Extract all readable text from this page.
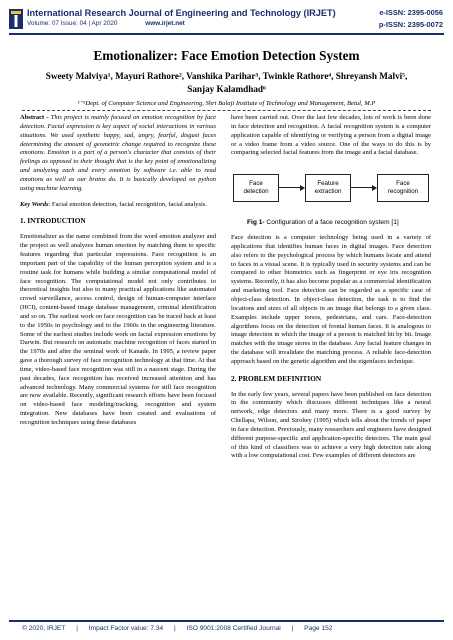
International Research Journal of Engineering and Technology (IRJET)
Volume: 07 Issue: 04 | Apr 2020	www.irjet.net
e-ISSN: 2395-0056
p-ISSN: 2395-0072
Emotionalizer: Face Emotion Detection System
Sweety Malviya¹, Mayuri Rathore², Vanshika Parihar³, Twinkle Rathore⁴, Shreyansh Malvi⁵,
Sanjay Kalamdhad⁶
¹⁻⁶Dept. of Computer Science and Engineering, Shri Balaji Institute of Technology and Management, Betul, M.P
Abstract - This project is mainly focused on emotion recognition by face detection. Facial expression is key aspect of social interactions in various situations. We used synthetic happy, sad, angry, fearful, disgust faces determining the amount of geometric change required to recognize these emotions. Emotion is a part of a person's character that consists of their feelings as opposed to their thought that is the key point of emotionalizing and analyzing each and every emotion by software i.e. able to read emotions as well as our brains do. It is basically developed on python using machine learning.
Key Words: Facial emotion detection, facial recognition, facial analysis.
1. INTRODUCTION
Emotionalizer as the name combined from the word emotion analyzer and the project as well analyzes human emotion by matching them to specific features regarding that particular expressions. Face recognition is an important part of the capability of the human perception system and is a routine task for humans while building a similar computational model of face recognition. The computational model not only contributes to theoretical insights but also to many practical applications like automated crowd surveillance, access control, design of human-computer interface (HCI), content-based image database management, criminal identification and so on. The earliest work on face recognition can be traced back at least to the 1950s in psychology and to the 1960s in the engineering literature. Some of the earliest studies include work on facial expression emotions by Darwin. But research on automatic machine recognition of faces started in the 1970s and after the seminal work of Kanade. In 1995, a review paper gave a thorough survey of face recognition technology at that time. At that time, video-based face recognition was still in a nascent stage. During the past decades, face recognition has received increased attention and has advanced technology. Many commercial systems for still face recognition are now available. Recently, significant research efforts have been focused on video-based face modeling/tracking, recognition and system integration. New databases have been created and evaluations of recognition techniques using these databases
have been carried out. Over the last few decades, lots of work is been done in face detection and recognition. A facial recognition system is a computer application capable of identifying or verifying a person from a digital image or a video frame from a video source. One of the ways to do this is by comparing selected facial features from the image and a facial database.
Face detection
Feature extraction
Face recognition
Fig 1- Configuration of a face recognition system [1]
Face detection is a computer technology being used in a variety of applications that identifies human faces in digital images. Face detection also refers to the psychological process by which humans locate and attend to faces in a visual scene. It is typically used in security systems and can be compared to other biometrics such as fingerprint or eye iris recognition systems. Recently, it has also become popular as a commercial identification and marketing tool. Face detection can be regarded as a specific case of object-class detection. In object-class detection, the task is to find the locations and sizes of all objects in an image that belongs to a given class. Examples include upper torsos, pedestrians, and cars. Face-detection algorithms focus on the detection of frontal human faces. It is analogous to image detection in which the image of a person is matched bit by bit. Image matches with the image stores in the database. Any facial feature changes in the database will invalidate the matching process. A reliable face-detection approach based on the genetic algorithm and the eigenfaces technique.
2. PROBLEM DEFINITION
In the early few years, several papers have been published on face detection in the community which discusses different techniques like a neural network, edge detectors and many more. There is a good survey by Chellapa, Wilson, and Sirohey (1995) which tells about the trends of paper in face detection. Previously, many researchers and engineers have designed different purpose-specific and application-specific detectors. The main goal of this kind of classifiers was to achieve a very high detection rate along with a low computational cost. Few examples of different detectors are
© 2020, IRJET | Impact Factor value: 7.34 | ISO 9001:2008 Certified Journal | Page 152
